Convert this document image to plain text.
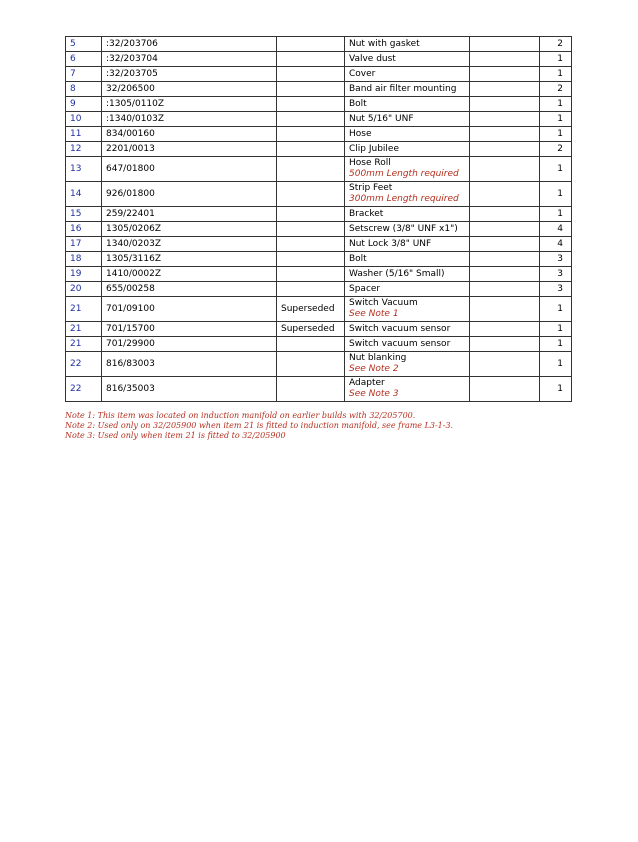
5	:32/203706		Nut with gasket		2
6	:32/203704		Valve dust		1
7	:32/203705		Cover		1
8	32/206500		Band air filter mounting		2
9	:1305/0110Z		Bolt		1
10	:1340/0103Z		Nut 5/16" UNF		1
11	834/00160		Hose		1
12	2201/0013		Clip Jubilee		2
13	647/01800		Hose Roll
500mm Length required		1
14	926/01800		Strip Feet
300mm Length required		1
15	259/22401		Bracket		1
16	1305/0206Z		Setscrew (3/8" UNF x1")		4
17	1340/0203Z		Nut Lock 3/8" UNF		4
18	1305/3116Z		Bolt		3
19	1410/0002Z		Washer (5/16" Small)		3
20	655/00258		Spacer		3
21	701/09100	Superseded	Switch Vacuum
See Note 1		1
21	701/15700	Superseded	Switch vacuum sensor		1
21	701/29900		Switch vacuum sensor		1
22	816/83003		Nut blanking
See Note 2		1
22	816/35003		Adapter
See Note 3		1
Note 1: This item was located on induction manifold on earlier builds with 32/205700.
Note 2: Used only on 32/205900 when item 21 is fitted to induction manifold, see frame L3-1-3.
Note 3: Used only when item 21 is fitted to 32/205900
